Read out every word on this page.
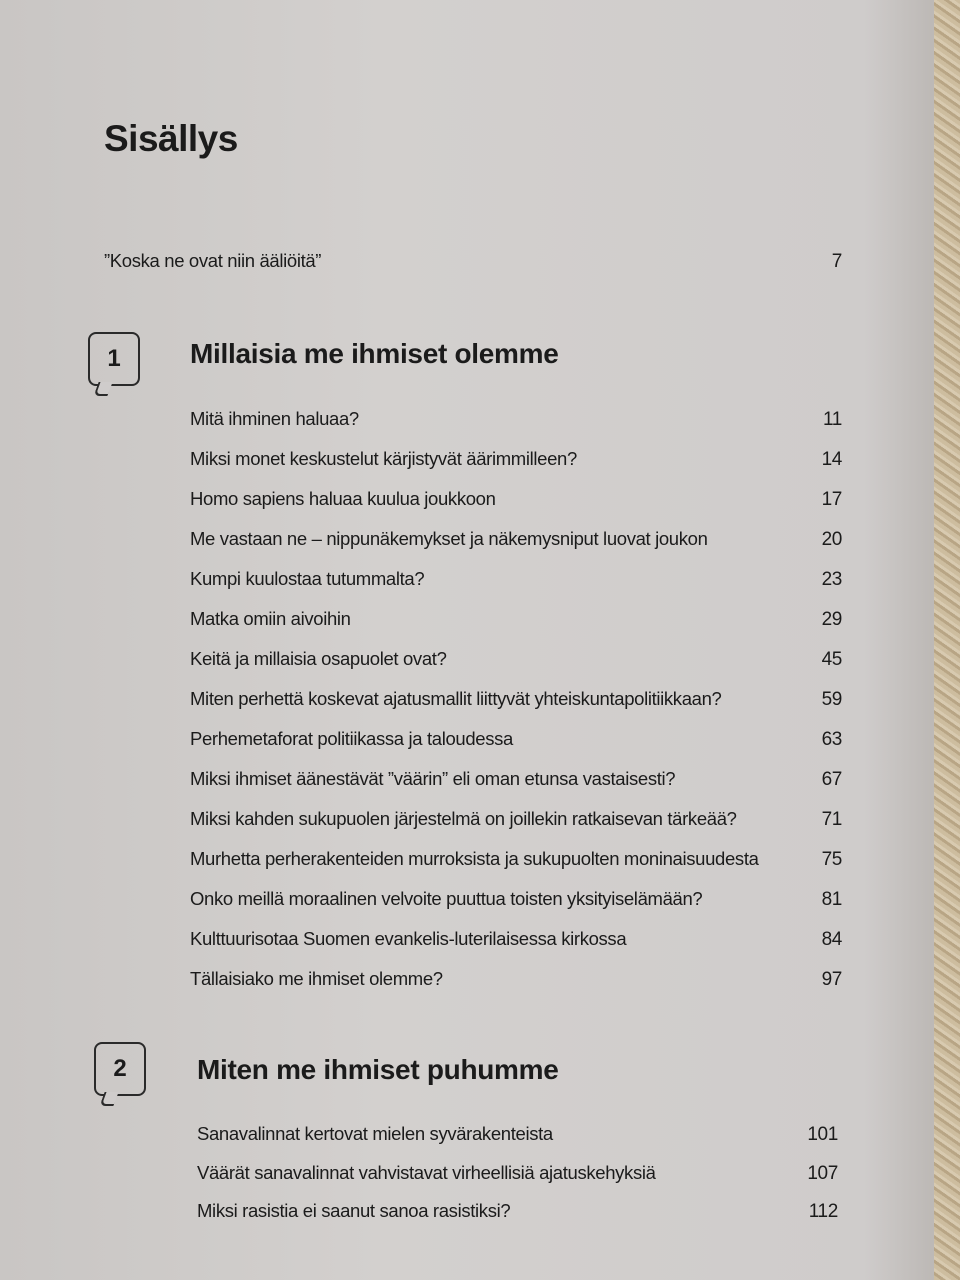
Sisällys
”Koska ne ovat niin ääliöitä”	7
1	Millaisia me ihmiset olemme
Mitä ihminen haluaa?	11
Miksi monet keskustelut kärjistyvät äärimmilleen?	14
Homo sapiens haluaa kuulua joukkoon	17
Me vastaan ne – nippunäkemykset ja näkemysniput luovat joukon	20
Kumpi kuulostaa tutummalta?	23
Matka omiin aivoihin	29
Keitä ja millaisia osapuolet ovat?	45
Miten perhettä koskevat ajatusmallit liittyvät yhteiskuntapolitiikkaan?	59
Perhemetaforat politiikassa ja taloudessa	63
Miksi ihmiset äänestävät ”väärin” eli oman etunsa vastaisesti?	67
Miksi kahden sukupuolen järjestelmä on joillekin ratkaisevan tärkeää?	71
Murhetta perherakenteiden murroksista ja sukupuolten moninaisuudesta	75
Onko meillä moraalinen velvoite puuttua toisten yksityiselämään?	81
Kulttuurisotaa Suomen evankelis-luterilaisessa kirkossa	84
Tällaisiako me ihmiset olemme?	97
2	Miten me ihmiset puhumme
Sanavalinnat kertovat mielen syvärakenteista	101
Väärät sanavalinnat vahvistavat virheellisiä ajatuskehyksiä	107
Miksi rasistia ei saanut sanoa rasistiksi?	112
